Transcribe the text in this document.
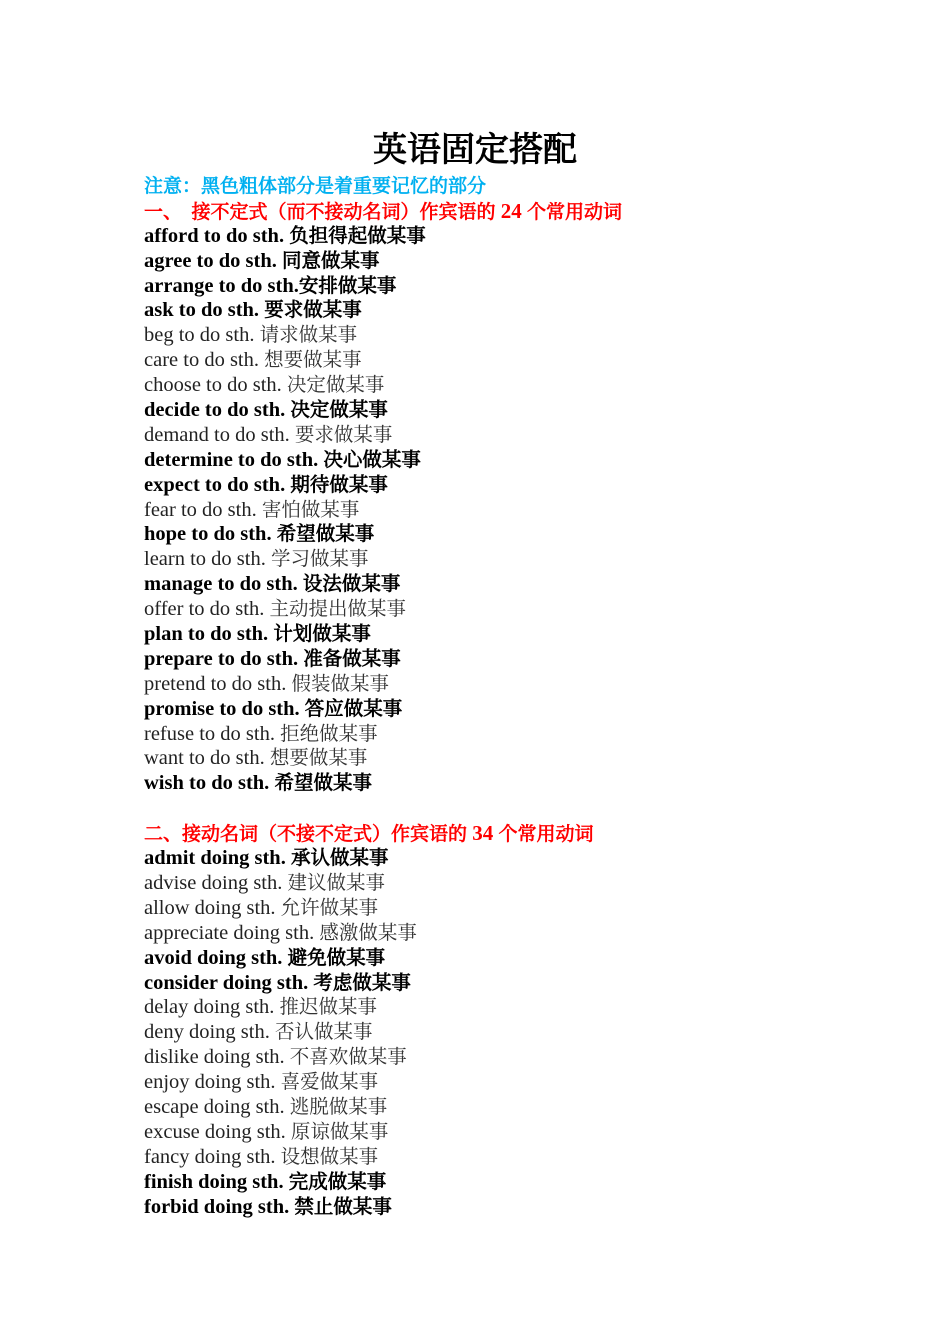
英语固定搭配
注意：黑色粗体部分是着重要记忆的部分
一、　接不定式（而不接动名词）作宾语的 24 个常用动词
afford to do sth. 负担得起做某事
agree to do sth. 同意做某事
arrange to do sth.安排做某事
ask to do sth. 要求做某事
beg to do sth. 请求做某事
care to do sth. 想要做某事
choose to do sth. 决定做某事
decide to do sth. 决定做某事
demand to do sth. 要求做某事
determine to do sth. 决心做某事
expect to do sth. 期待做某事
fear to do sth. 害怕做某事
hope to do sth. 希望做某事
learn to do sth. 学习做某事
manage to do sth. 设法做某事
offer to do sth. 主动提出做某事
plan to do sth. 计划做某事
prepare to do sth. 准备做某事
pretend to do sth. 假装做某事
promise to do sth. 答应做某事
refuse to do sth. 拒绝做某事
want to do sth. 想要做某事
wish to do sth. 希望做某事
二、接动名词（不接不定式）作宾语的 34 个常用动词
admit doing sth. 承认做某事
advise doing sth. 建议做某事
allow doing sth. 允许做某事
appreciate doing sth. 感激做某事
avoid doing sth. 避免做某事
consider doing sth. 考虑做某事
delay doing sth. 推迟做某事
deny doing sth. 否认做某事
dislike doing sth. 不喜欢做某事
enjoy doing sth. 喜爱做某事
escape doing sth. 逃脱做某事
excuse doing sth. 原谅做某事
fancy doing sth. 设想做某事
finish doing sth. 完成做某事
forbid doing sth. 禁止做某事
